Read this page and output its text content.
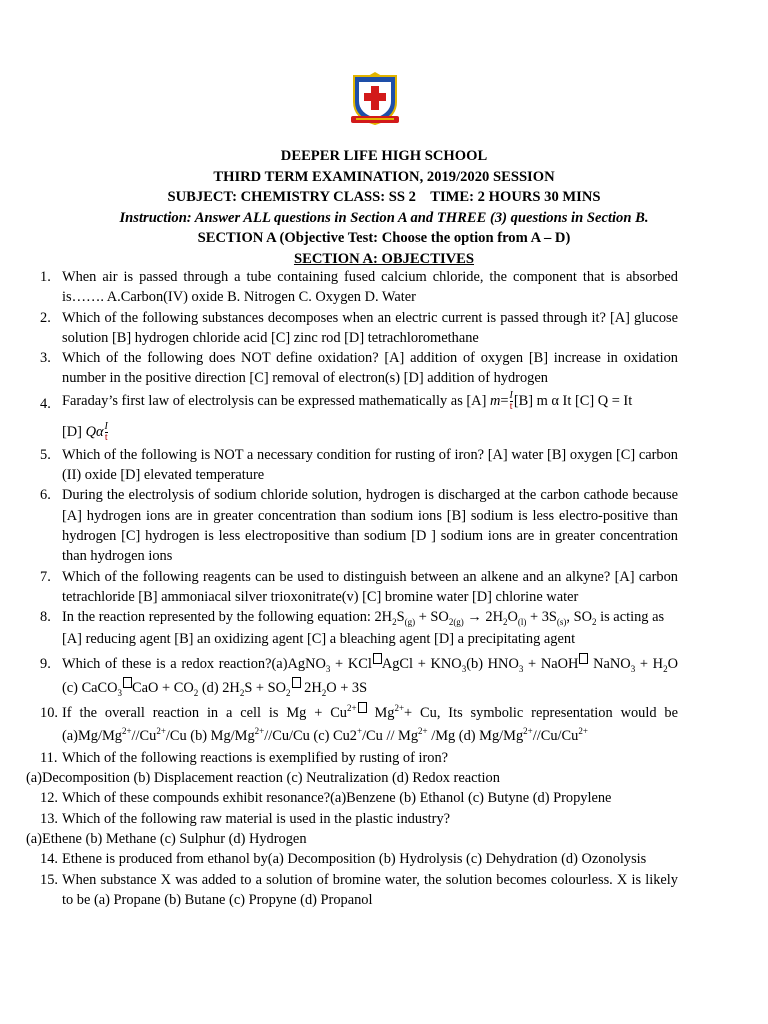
DEEPER LIFE HIGH SCHOOL
THIRD TERM EXAMINATION, 2019/2020 SESSION
SUBJECT: CHEMISTRY CLASS: SS 2    TIME: 2 HOURS 30 MINS
Instruction: Answer ALL questions in Section A and THREE (3) questions in Section B.
SECTION A (Objective Test: Choose the option from A – D)
SECTION A: OBJECTIVES
1. When air is passed through a tube containing fused calcium chloride, the component that is absorbed is……. A.Carbon(IV) oxide B. Nitrogen C. Oxygen D. Water
2. Which of the following substances decomposes when an electric current is passed through it? [A] glucose solution [B] hydrogen chloride acid [C] zinc rod [D] tetrachloromethane
3. Which of the following does NOT define oxidation? [A] addition of oxygen [B] increase in oxidation number in the positive direction [C] removal of electron(s) [D] addition of hydrogen
4. Faraday’s first law of electrolysis can be expressed mathematically as [A] $m= \frac{I}{t} [B]$ m α It [C] Q = It
[D] Qα $\frac{I}{t}$
5. Which of the following is NOT a necessary condition for rusting of iron? [A] water [B] oxygen [C] carbon (II) oxide [D] elevated temperature
6. During the electrolysis of sodium chloride solution, hydrogen is discharged at the carbon cathode because [A] hydrogen ions are in greater concentration than sodium ions [B] sodium is less electro-positive than hydrogen [C] hydrogen is less electropositive than sodium [D ] sodium ions are in greater concentration than hydrogen ions
7. Which of the following reagents can be used to distinguish between an alkene and an alkyne? [A] carbon tetrachloride [B] ammoniacal silver trioxonitrate(v) [C] bromine water [D] chlorine water
8. In the reaction represented by the following equation: $2H_2S_{(g)} + SO_{2(g)} \to 2H_2O_{(l)} + 3S_{(s)}$, $SO_2$ is acting as
[A] reducing agent [B] an oxidizing agent [C] a bleaching agent [D] a precipitating agent
9. Which of these is a redox reaction?(a)AgNO$_3$ + KCl AgCl + $KNO_3(b) HNO_3$ + NaOH NaNO$_3$ + $H_2O$ (c) CaCO$_3$ CaO + $CO_2$ (d) $2H_2S + SO_2$ $2H_2O + 3S$
10. If the overall reaction in a cell is $Mg + Cu^{2+}$ $Mg^{2+}+ Cu$, Its symbolic representation would be $(a)Mg/Mg^{2+}//Cu^{2+}/Cu$ (b) $Mg/Mg^{2+}//Cu/Cu$ (c) $Cu2^+/Cu // Mg^{2+}$ /Mg (d) $Mg/Mg^{2+}//Cu/Cu^{2+}$
11. Which of the following reactions is exemplified by rusting of iron?
(a)Decomposition (b) Displacement reaction (c) Neutralization (d) Redox reaction
12. Which of these compounds exhibit resonance?(a)Benzene (b) Ethanol (c) Butyne (d) Propylene
13. Which of the following raw material is used in the plastic industry?
(a)Ethene (b) Methane (c) Sulphur (d) Hydrogen
14. Ethene is produced from ethanol by(a) Decomposition (b) Hydrolysis (c) Dehydration (d) Ozonolysis
15. When substance X was added to a solution of bromine water, the solution becomes colourless. X is likely to be (a) Propane (b) Butane (c) Propyne (d) Propanol
